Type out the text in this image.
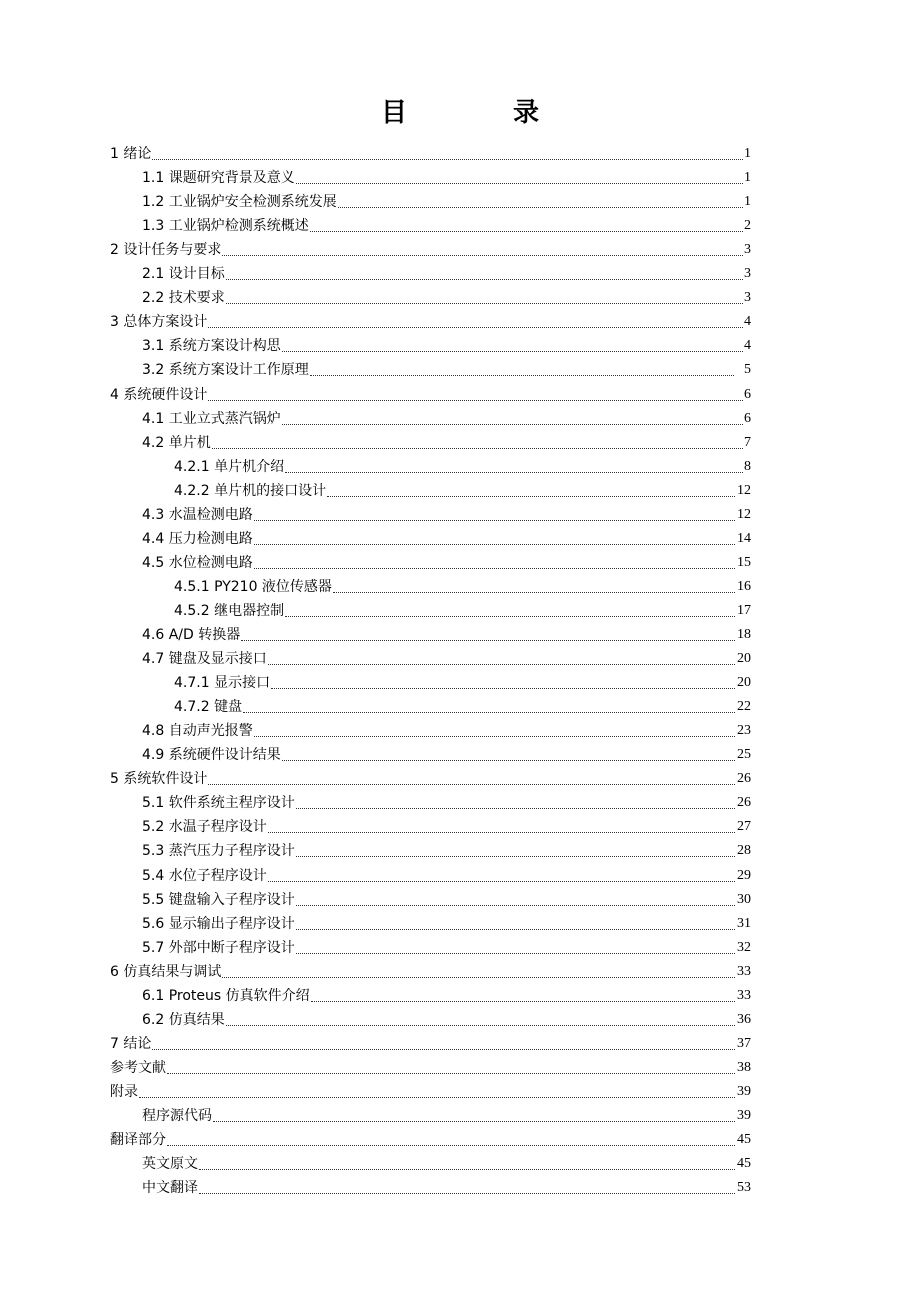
目　录
1 绪论	1
1.1 课题研究背景及意义	1
1.2 工业锅炉安全检测系统发展	1
1.3 工业锅炉检测系统概述	2
2 设计任务与要求	3
2.1 设计目标	3
2.2 技术要求	3
3 总体方案设计	4
3.1 系统方案设计构思	4
3.2 系统方案设计工作原理	5
4 系统硬件设计	6
4.1 工业立式蒸汽锅炉	6
4.2 单片机	7
4.2.1 单片机介绍	8
4.2.2 单片机的接口设计	12
4.3 水温检测电路	12
4.4 压力检测电路	14
4.5 水位检测电路	15
4.5.1 PY210 液位传感器	16
4.5.2 继电器控制	17
4.6 A/D 转换器	18
4.7 键盘及显示接口	20
4.7.1 显示接口	20
4.7.2 键盘	22
4.8 自动声光报警	23
4.9 系统硬件设计结果	25
5 系统软件设计	26
5.1 软件系统主程序设计	26
5.2 水温子程序设计	27
5.3 蒸汽压力子程序设计	28
5.4 水位子程序设计	29
5.5 键盘输入子程序设计	30
5.6 显示输出子程序设计	31
5.7 外部中断子程序设计	32
6 仿真结果与调试	33
6.1 Proteus 仿真软件介绍	33
6.2 仿真结果	36
7 结论	37
参考文献	38
附录	39
程序源代码	39
翻译部分	45
英文原文	45
中文翻译	53
